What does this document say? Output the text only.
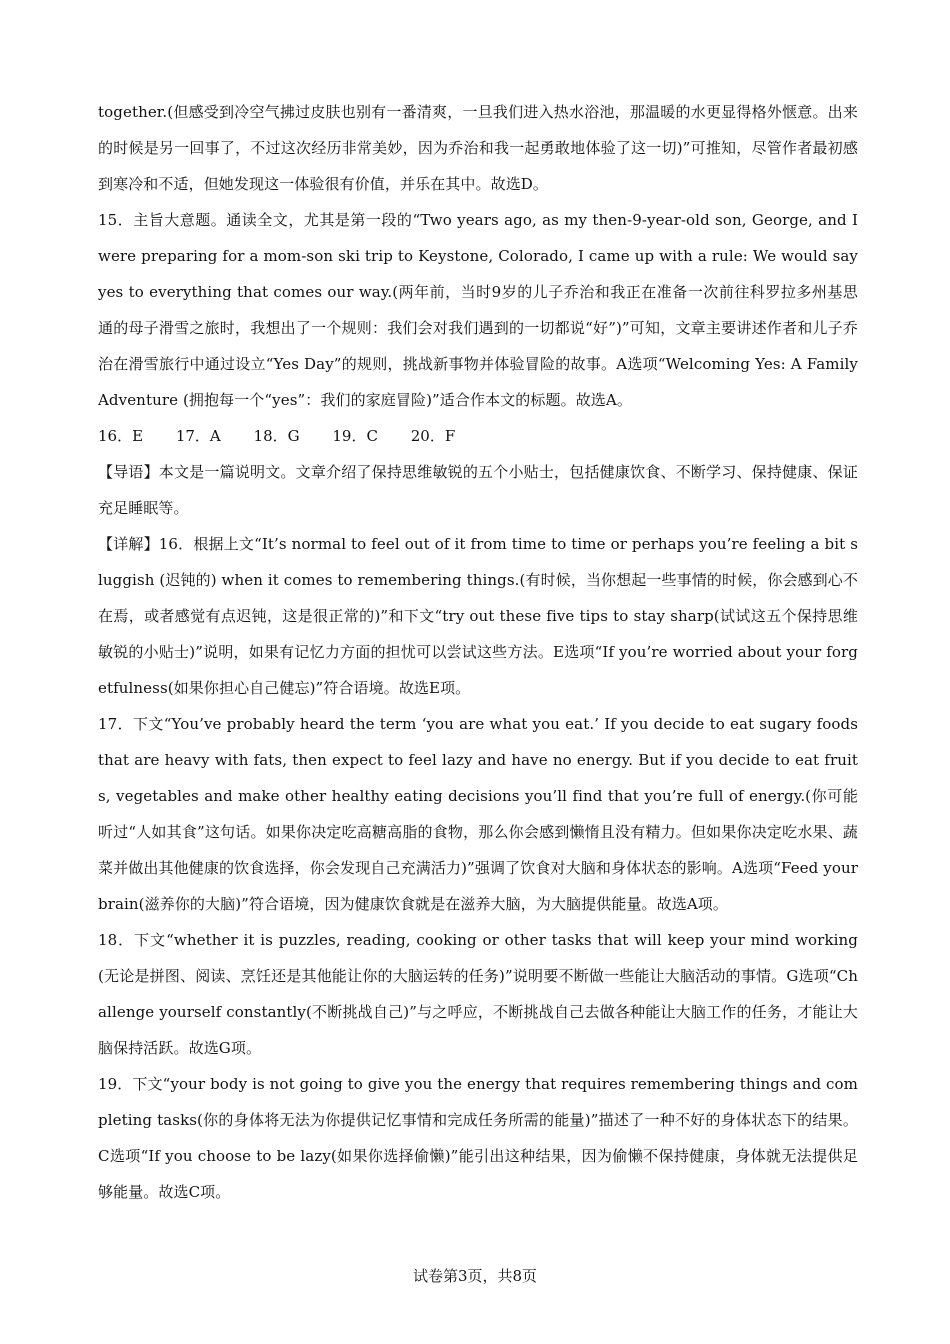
together.(但感受到冷空气拂过皮肤也别有一番清爽，一旦我们进入热水浴池，那温暖的水更显得格外惬意。出来的时候是另一回事了，不过这次经历非常美妙，因为乔治和我一起勇敢地体验了这一切)”可推知，尽管作者最初感到寒冷和不适，但她发现这一体验很有价值，并乐在其中。故选D。

15．主旨大意题。通读全文，尤其是第一段的“Two years ago, as my then-9-year-old son, George, and I were preparing for a mom-son ski trip to Keystone, Colorado, I came up with a rule: We would say yes to everything that comes our way.(两年前，当时9岁的儿子乔治和我正在准备一次前往科罗拉多州基思通的母子滑雪之旅时，我想出了一个规则：我们会对我们遇到的一切都说“好”)”可知，文章主要讲述作者和儿子乔治在滑雪旅行中通过设立“Yes Day”的规则，挑战新事物并体验冒险的故事。A选项“Welcoming Yes: A Family Adventure (拥抱每一个“yes”：我们的家庭冒险)”适合作本文的标题。故选A。

16．E 17．A 18．G 19．C 20．F

【导语】本文是一篇说明文。文章介绍了保持思维敏锐的五个小贴士，包括健康饮食、不断学习、保持健康、保证充足睡眠等。

【详解】16．根据上文“It’s normal to feel out of it from time to time or perhaps you’re feeling a bit sluggish (迟钝的) when it comes to remembering things.(有时候，当你想起一些事情的时候，你会感到心不在焉，或者感觉有点迟钝，这是很正常的)”和下文“try out these five tips to stay sharp(试试这五个保持思维敏锐的小贴士)”说明，如果有记忆力方面的担忧可以尝试这些方法。E选项“If you’re worried about your forgetfulness(如果你担心自己健忘)”符合语境。故选E项。

17．下文“You’ve probably heard the term ‘you are what you eat.’ If you decide to eat sugary foods that are heavy with fats, then expect to feel lazy and have no energy. But if you decide to eat fruits, vegetables and make other healthy eating decisions you’ll find that you’re full of energy.(你可能听过“人如其食”这句话。如果你决定吃高糖高脂的食物，那么你会感到懒惰且没有精力。但如果你决定吃水果、蔬菜并做出其他健康的饮食选择，你会发现自己充满活力)”强调了饮食对大脑和身体状态的影响。A选项“Feed your brain(滋养你的大脑)”符合语境，因为健康饮食就是在滋养大脑，为大脑提供能量。故选A项。

18．下文“whether it is puzzles, reading, cooking or other tasks that will keep your mind working(无论是拼图、阅读、烹饪还是其他能让你的大脑运转的任务)”说明要不断做一些能让大脑活动的事情。G选项“Challenge yourself constantly(不断挑战自己)”与之呼应，不断挑战自己去做各种能让大脑工作的任务，才能让大脑保持活跃。故选G项。

19．下文“your body is not going to give you the energy that requires remembering things and completing tasks(你的身体将无法为你提供记忆事情和完成任务所需的能量)”描述了一种不好的身体状态下的结果。C选项“If you choose to be lazy(如果你选择偷懒)”能引出这种结果，因为偷懒不保持健康，身体就无法提供足够能量。故选C项。

试卷第3页，共8页
